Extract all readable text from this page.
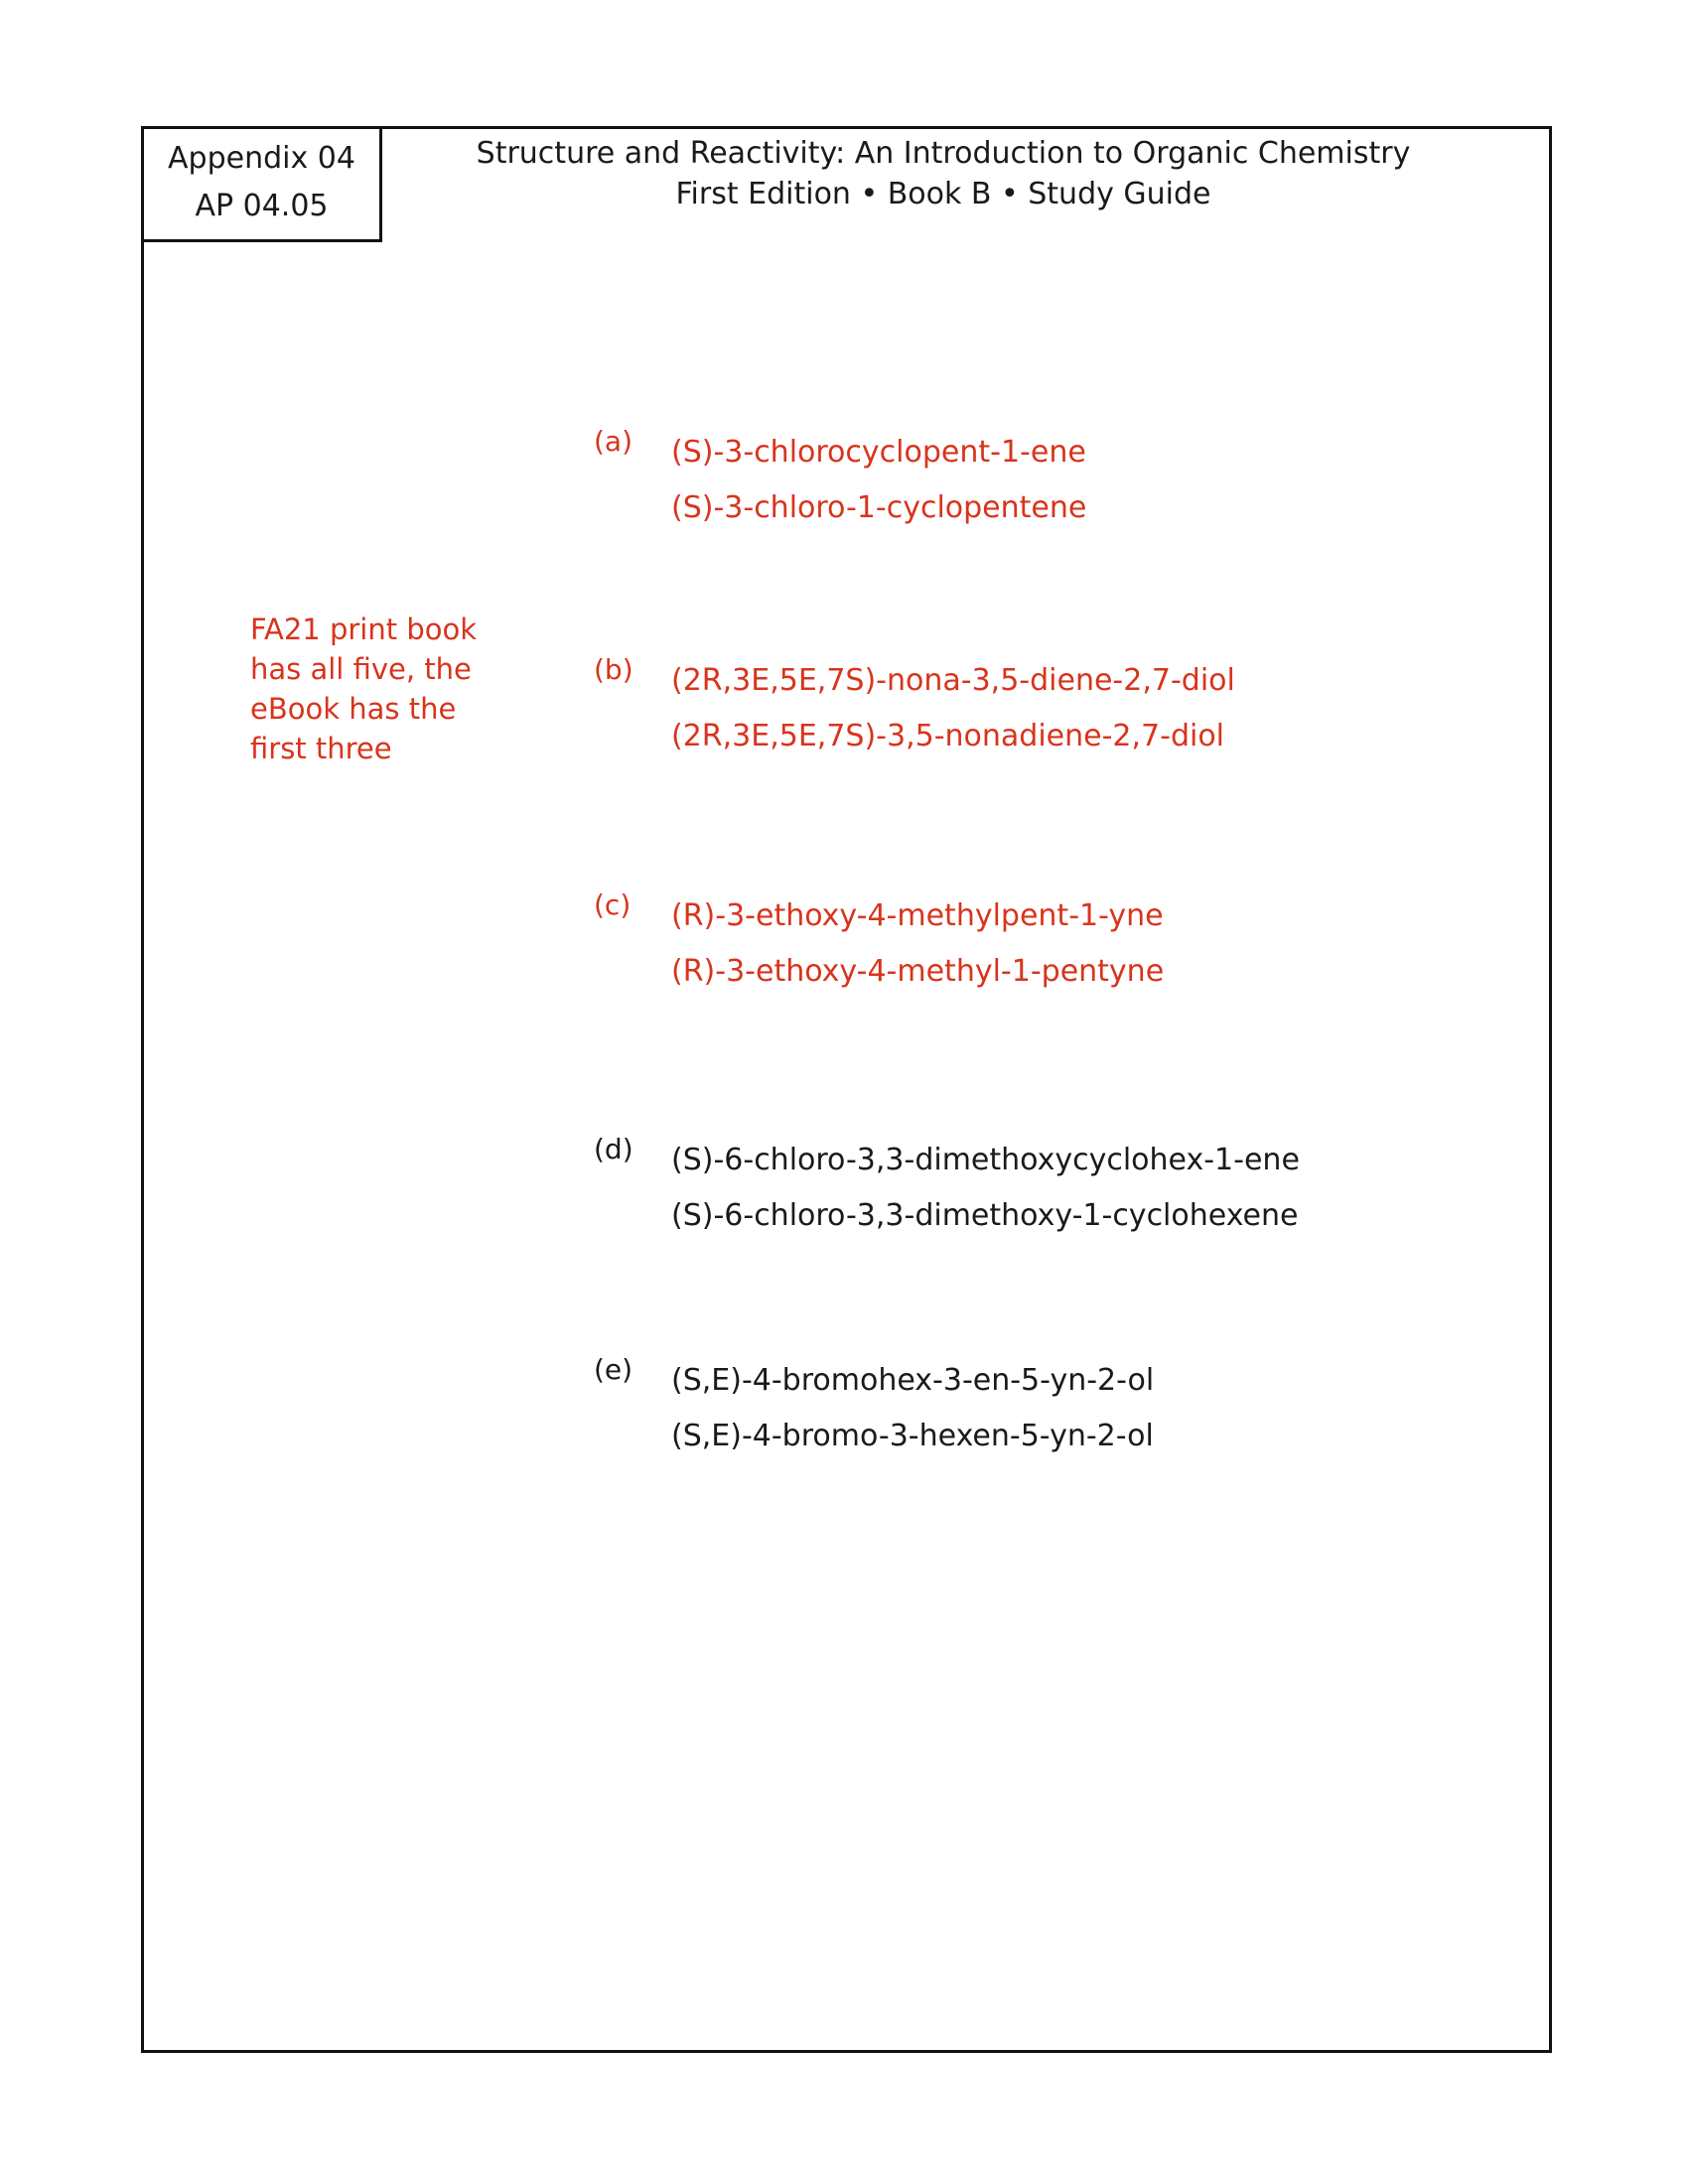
Appendix 04
AP 04.05
Structure and Reactivity: An Introduction to Organic Chemistry
First Edition • Book B • Study Guide
FA21 print book has all five, the eBook has the first three
(a) (S)-3-chlorocyclopent-1-ene
(S)-3-chloro-1-cyclopentene
(b) (2R,3E,5E,7S)-nona-3,5-diene-2,7-diol
(2R,3E,5E,7S)-3,5-nonadiene-2,7-diol
(c) (R)-3-ethoxy-4-methylpent-1-yne
(R)-3-ethoxy-4-methyl-1-pentyne
(d) (S)-6-chloro-3,3-dimethoxycyclohex-1-ene
(S)-6-chloro-3,3-dimethoxy-1-cyclohexene
(e) (S,E)-4-bromohex-3-en-5-yn-2-ol
(S,E)-4-bromo-3-hexen-5-yn-2-ol
